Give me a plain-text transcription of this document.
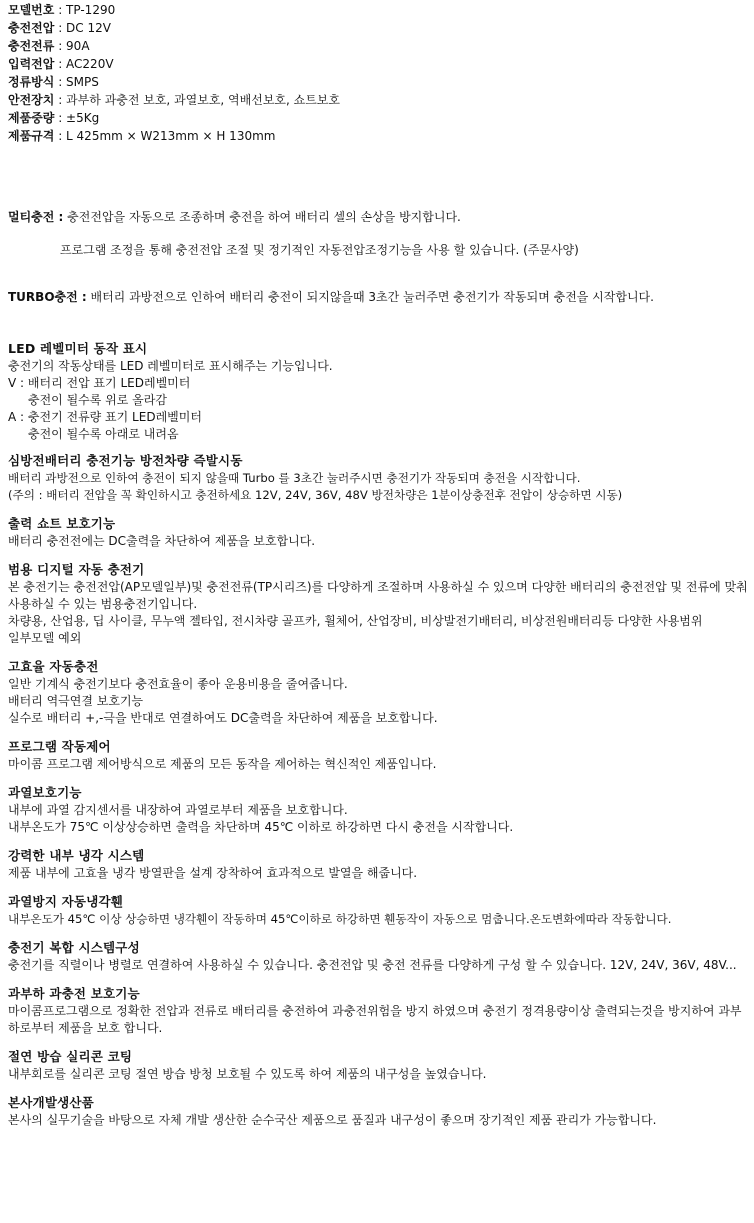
모델번호 : TP-1290
충전전압 : DC 12V
충전전류 : 90A
입력전압 : AC220V
정류방식 : SMPS
안전장치 : 과부하 과충전 보호, 과열보호, 역배선보호, 쇼트보호
제품중량 : ±5Kg
제품규격 : L 425mm × W213mm × H 130mm
멀티충전 : 충전전압을 자동으로 조종하며 충전을 하여 배터리 셀의 손상을 방지합니다.
프로그램 조정을 통해 충전전압 조절 및 정기적인 자동전압조정기능을 사용 할 있습니다. (주문사양)
TURBO충전 : 배터리 과방전으로 인하여 배터리 충전이 되지않을때 3초간 눌러주면 충전기가 작동되며 충전을 시작합니다.
LED 레벨미터 동작 표시
충전기의 작동상태를 LED 레벨미터로 표시해주는 기능입니다.
V : 배터리 전압 표기 LED레벨미터
충전이 될수록 위로 올라감
A : 충전기 전류량 표기 LED레벨미터
충전이 될수록 아래로 내려옴
심방전배터리 충전기능 방전차량 즉발시동
배터리 과방전으로 인하여 충전이 되지 않을때 Turbo 를 3초간 눌러주시면 충전기가 작동되며 충전을 시작합니다.
(주의 : 배터리 전압을 꼭 확인하시고 충전하세요 12V, 24V, 36V, 48V 방전차량은 1분이상충전후 전압이 상승하면 시동)
출력 쇼트 보호기능
배터리 충전전에는 DC출력을 차단하여 제품을 보호합니다.
범용 디지털 자동 충전기
본 충전기는 충전전압(AP모델일부)및 충전전류(TP시리즈)를 다양하게 조절하며 사용하실 수 있으며 다양한 배터리의 충전전압 및 전류에 맞춰 사용하실 수 있는 범용충전기입니다.
차량용, 산업용, 딥 사이클, 무누액 젤타입, 전시차량 골프카, 휠체어, 산업장비, 비상발전기배터리, 비상전원배터리등 다양한 사용범위
일부모델 예외
고효율 자동충전
일반 기계식 충전기보다 충전효율이 좋아 운용비용을 줄여줍니다.
배터리 역극연결 보호기능
실수로 배터리 +,-극을 반대로 연결하여도 DC출력을 차단하여 제품을 보호합니다.
프로그램 작동제어
마이콤 프로그램 제어방식으로 제품의 모든 동작을 제어하는 혁신적인 제품입니다.
과열보호기능
내부에 과열 감지센서를 내장하여 과열로부터 제품을 보호합니다.
내부온도가 75℃ 이상상승하면 출력을 차단하며 45℃ 이하로 하강하면 다시 충전을 시작합니다.
강력한 내부 냉각 시스템
제품 내부에 고효율 냉각 방열판을 설계 장착하여 효과적으로 발열을 해줍니다.
과열방지 자동냉각휀
내부온도가 45℃ 이상 상승하면 냉각휀이 작동하며 45℃이하로 하강하면 휀동작이 자동으로 멈춥니다.온도변화에따라 작동합니다.
충전기 복합 시스템구성
충전기를 직렬이나 병렬로 연결하여 사용하실 수 있습니다. 충전전압 및 충전 전류를 다양하게 구성 할 수 있습니다. 12V, 24V, 36V, 48V...
과부하 과충전 보호기능
마이콤프로그램으로 정확한 전압과 전류로 배터리를 충전하여 과충전위험을 방지 하였으며 충전기 정격용량이상 출력되는것을 방지하여 과부하로부터 제품을 보호 합니다.
절연 방습 실리콘 코팅
내부회로를 실리콘 코팅 절연 방습 방청 보호될 수 있도록 하여 제품의 내구성을 높였습니다.
본사개발생산품
본사의 실무기술을 바탕으로 자체 개발 생산한 순수국산 제품으로 품질과 내구성이 좋으며 장기적인 제품 관리가 가능합니다.
